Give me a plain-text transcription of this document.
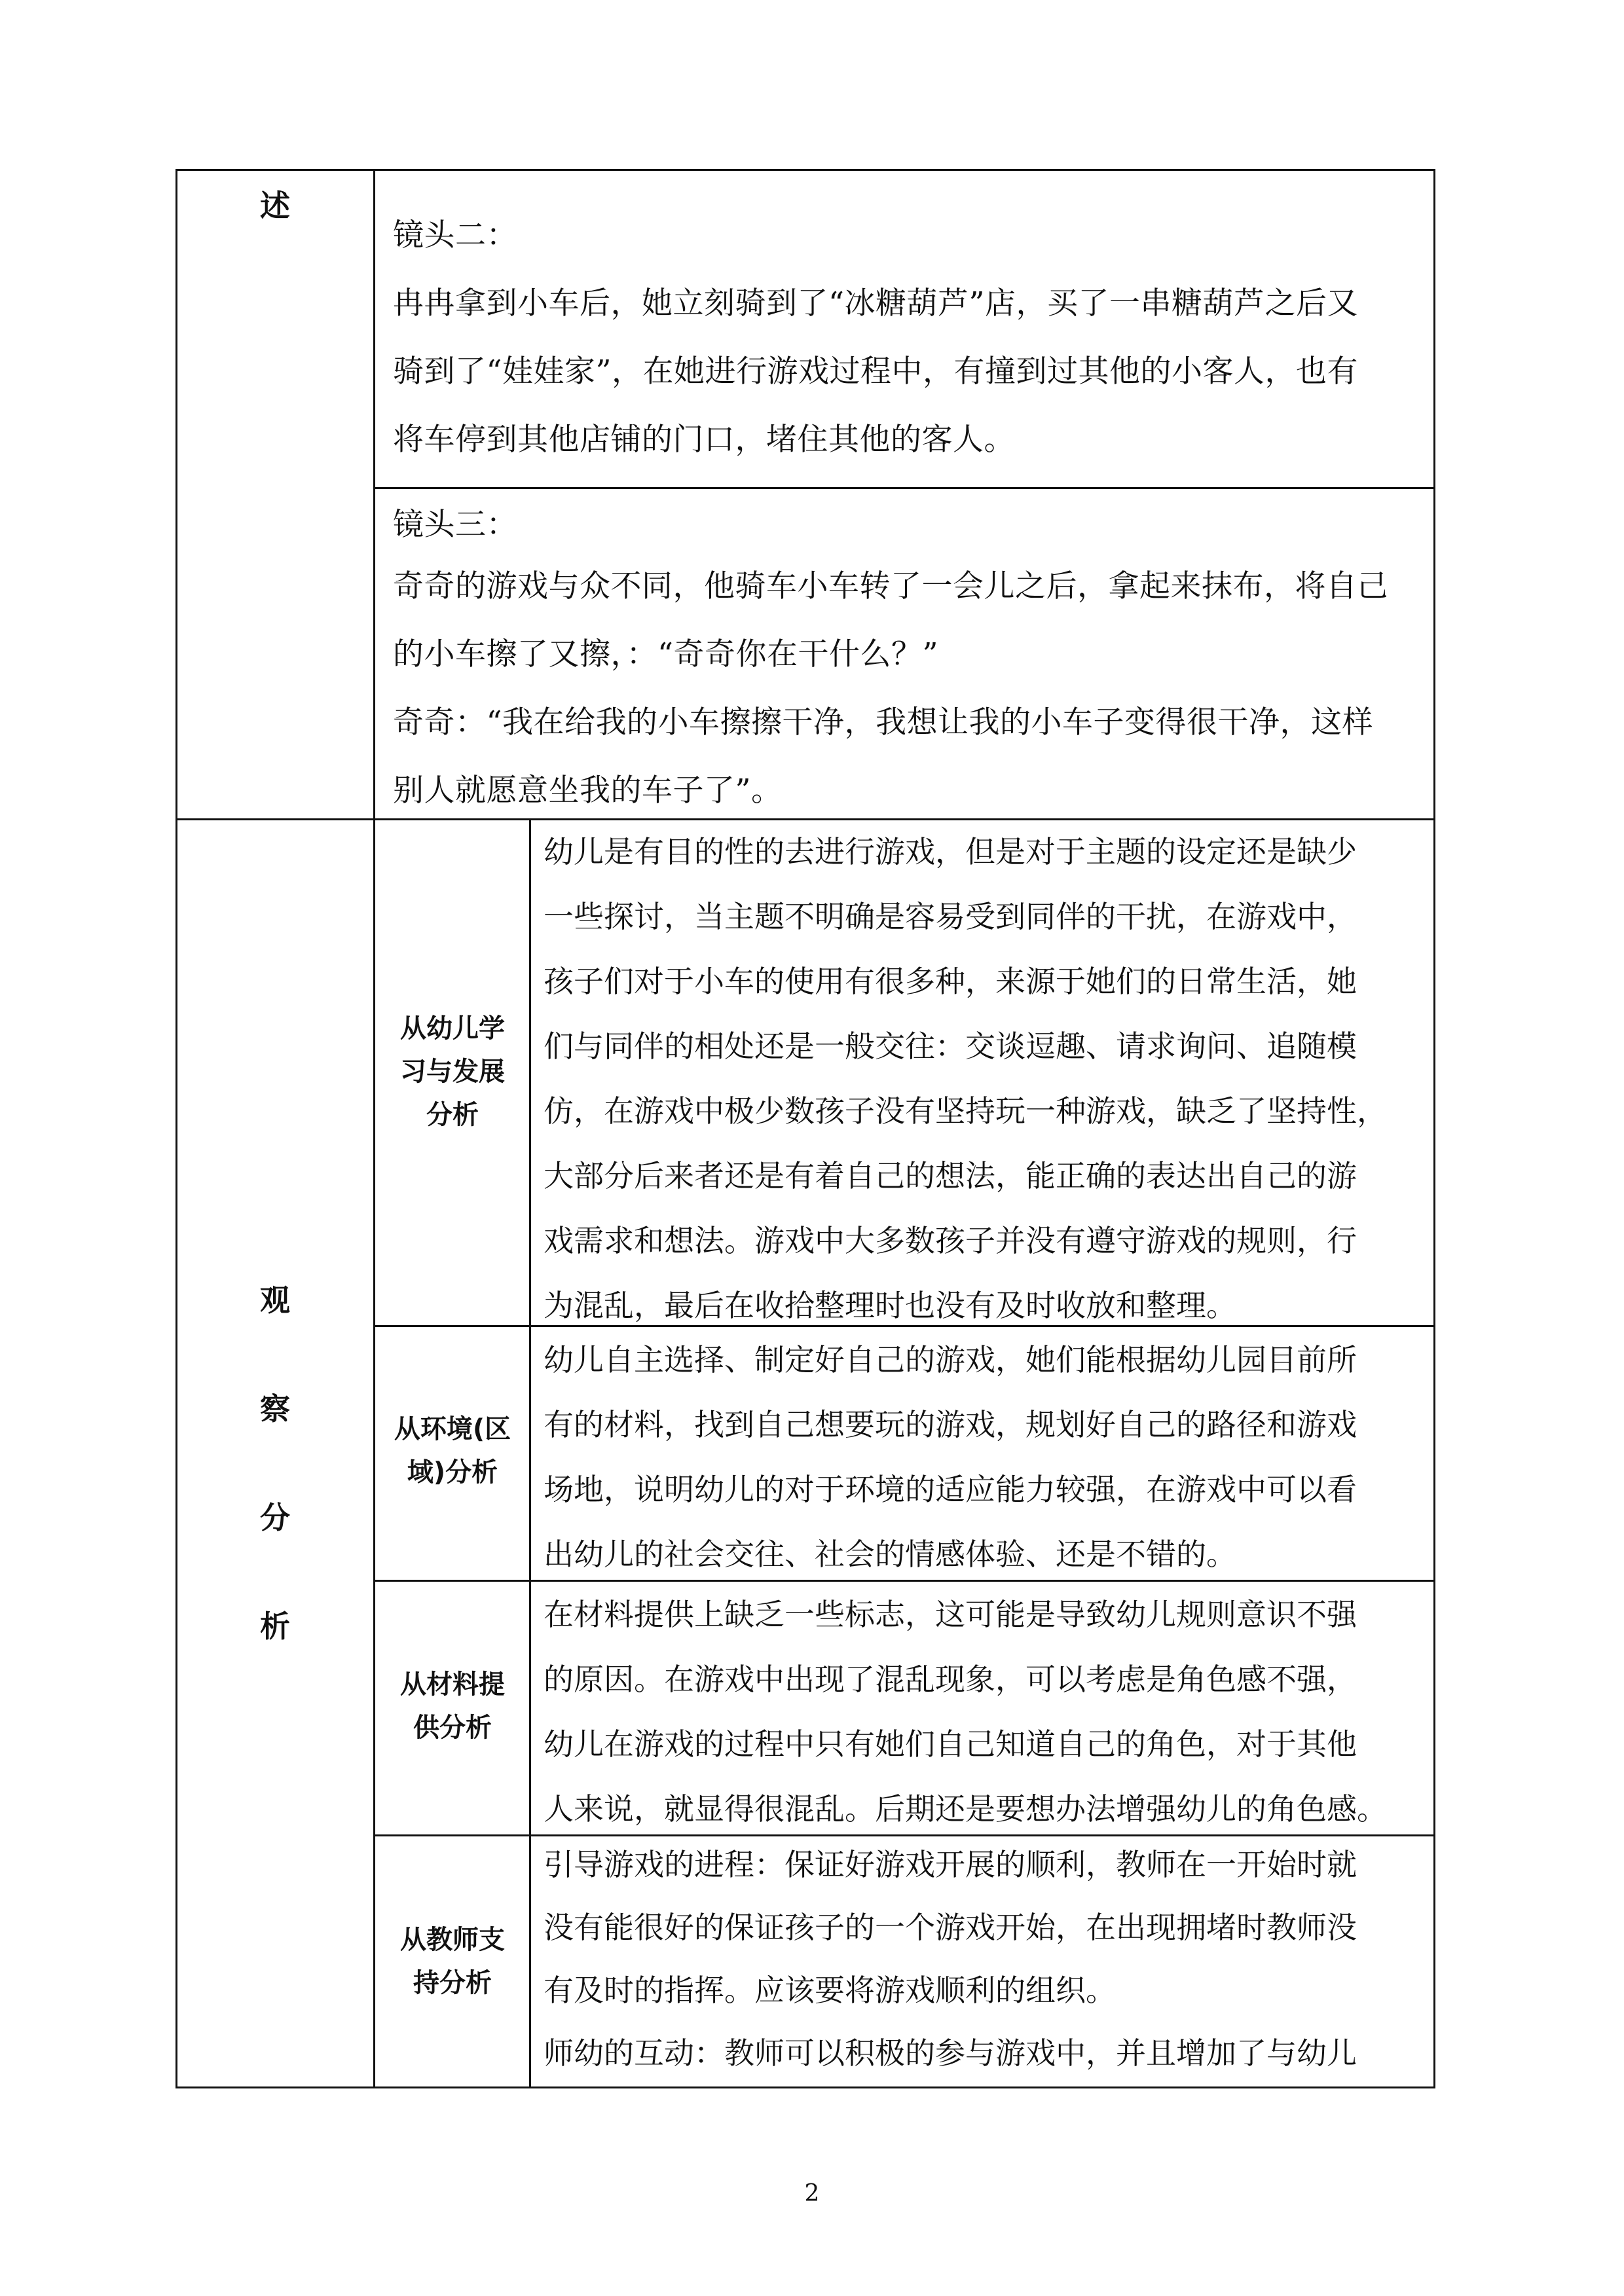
述
镜头二：
冉冉拿到小车后，她立刻骑到了“冰糖葫芦”店，买了一串糖葫芦之后又
骑到了“娃娃家”，在她进行游戏过程中，有撞到过其他的小客人，也有
将车停到其他店铺的门口，堵住其他的客人。
镜头三：
奇奇的游戏与众不同，他骑车小车转了一会儿之后，拿起来抹布，将自己
的小车擦了又擦，：“奇奇你在干什么？”
奇奇：“我在给我的小车擦擦干净，我想让我的小车子变得很干净，这样
别人就愿意坐我的车子了”。
观
察
分
析
从幼儿学
习与发展
分析
幼儿是有目的性的去进行游戏，但是对于主题的设定还是缺少
一些探讨，当主题不明确是容易受到同伴的干扰，在游戏中，
孩子们对于小车的使用有很多种，来源于她们的日常生活，她
们与同伴的相处还是一般交往：交谈逗趣、请求询问、追随模
仿，在游戏中极少数孩子没有坚持玩一种游戏，缺乏了坚持性，
大部分后来者还是有着自己的想法，能正确的表达出自己的游
戏需求和想法。游戏中大多数孩子并没有遵守游戏的规则，行
为混乱，最后在收拾整理时也没有及时收放和整理。
从环境(区
域)分析
幼儿自主选择、制定好自己的游戏，她们能根据幼儿园目前所
有的材料，找到自己想要玩的游戏，规划好自己的路径和游戏
场地，说明幼儿的对于环境的适应能力较强，在游戏中可以看
出幼儿的社会交往、社会的情感体验、还是不错的。
从材料提
供分析
在材料提供上缺乏一些标志，这可能是导致幼儿规则意识不强
的原因。在游戏中出现了混乱现象，可以考虑是角色感不强，
幼儿在游戏的过程中只有她们自己知道自己的角色，对于其他
人来说，就显得很混乱。后期还是要想办法增强幼儿的角色感。
从教师支
持分析
引导游戏的进程：保证好游戏开展的顺利，教师在一开始时就
没有能很好的保证孩子的一个游戏开始，在出现拥堵时教师没
有及时的指挥。应该要将游戏顺利的组织。
师幼的互动：教师可以积极的参与游戏中，并且增加了与幼儿
2
